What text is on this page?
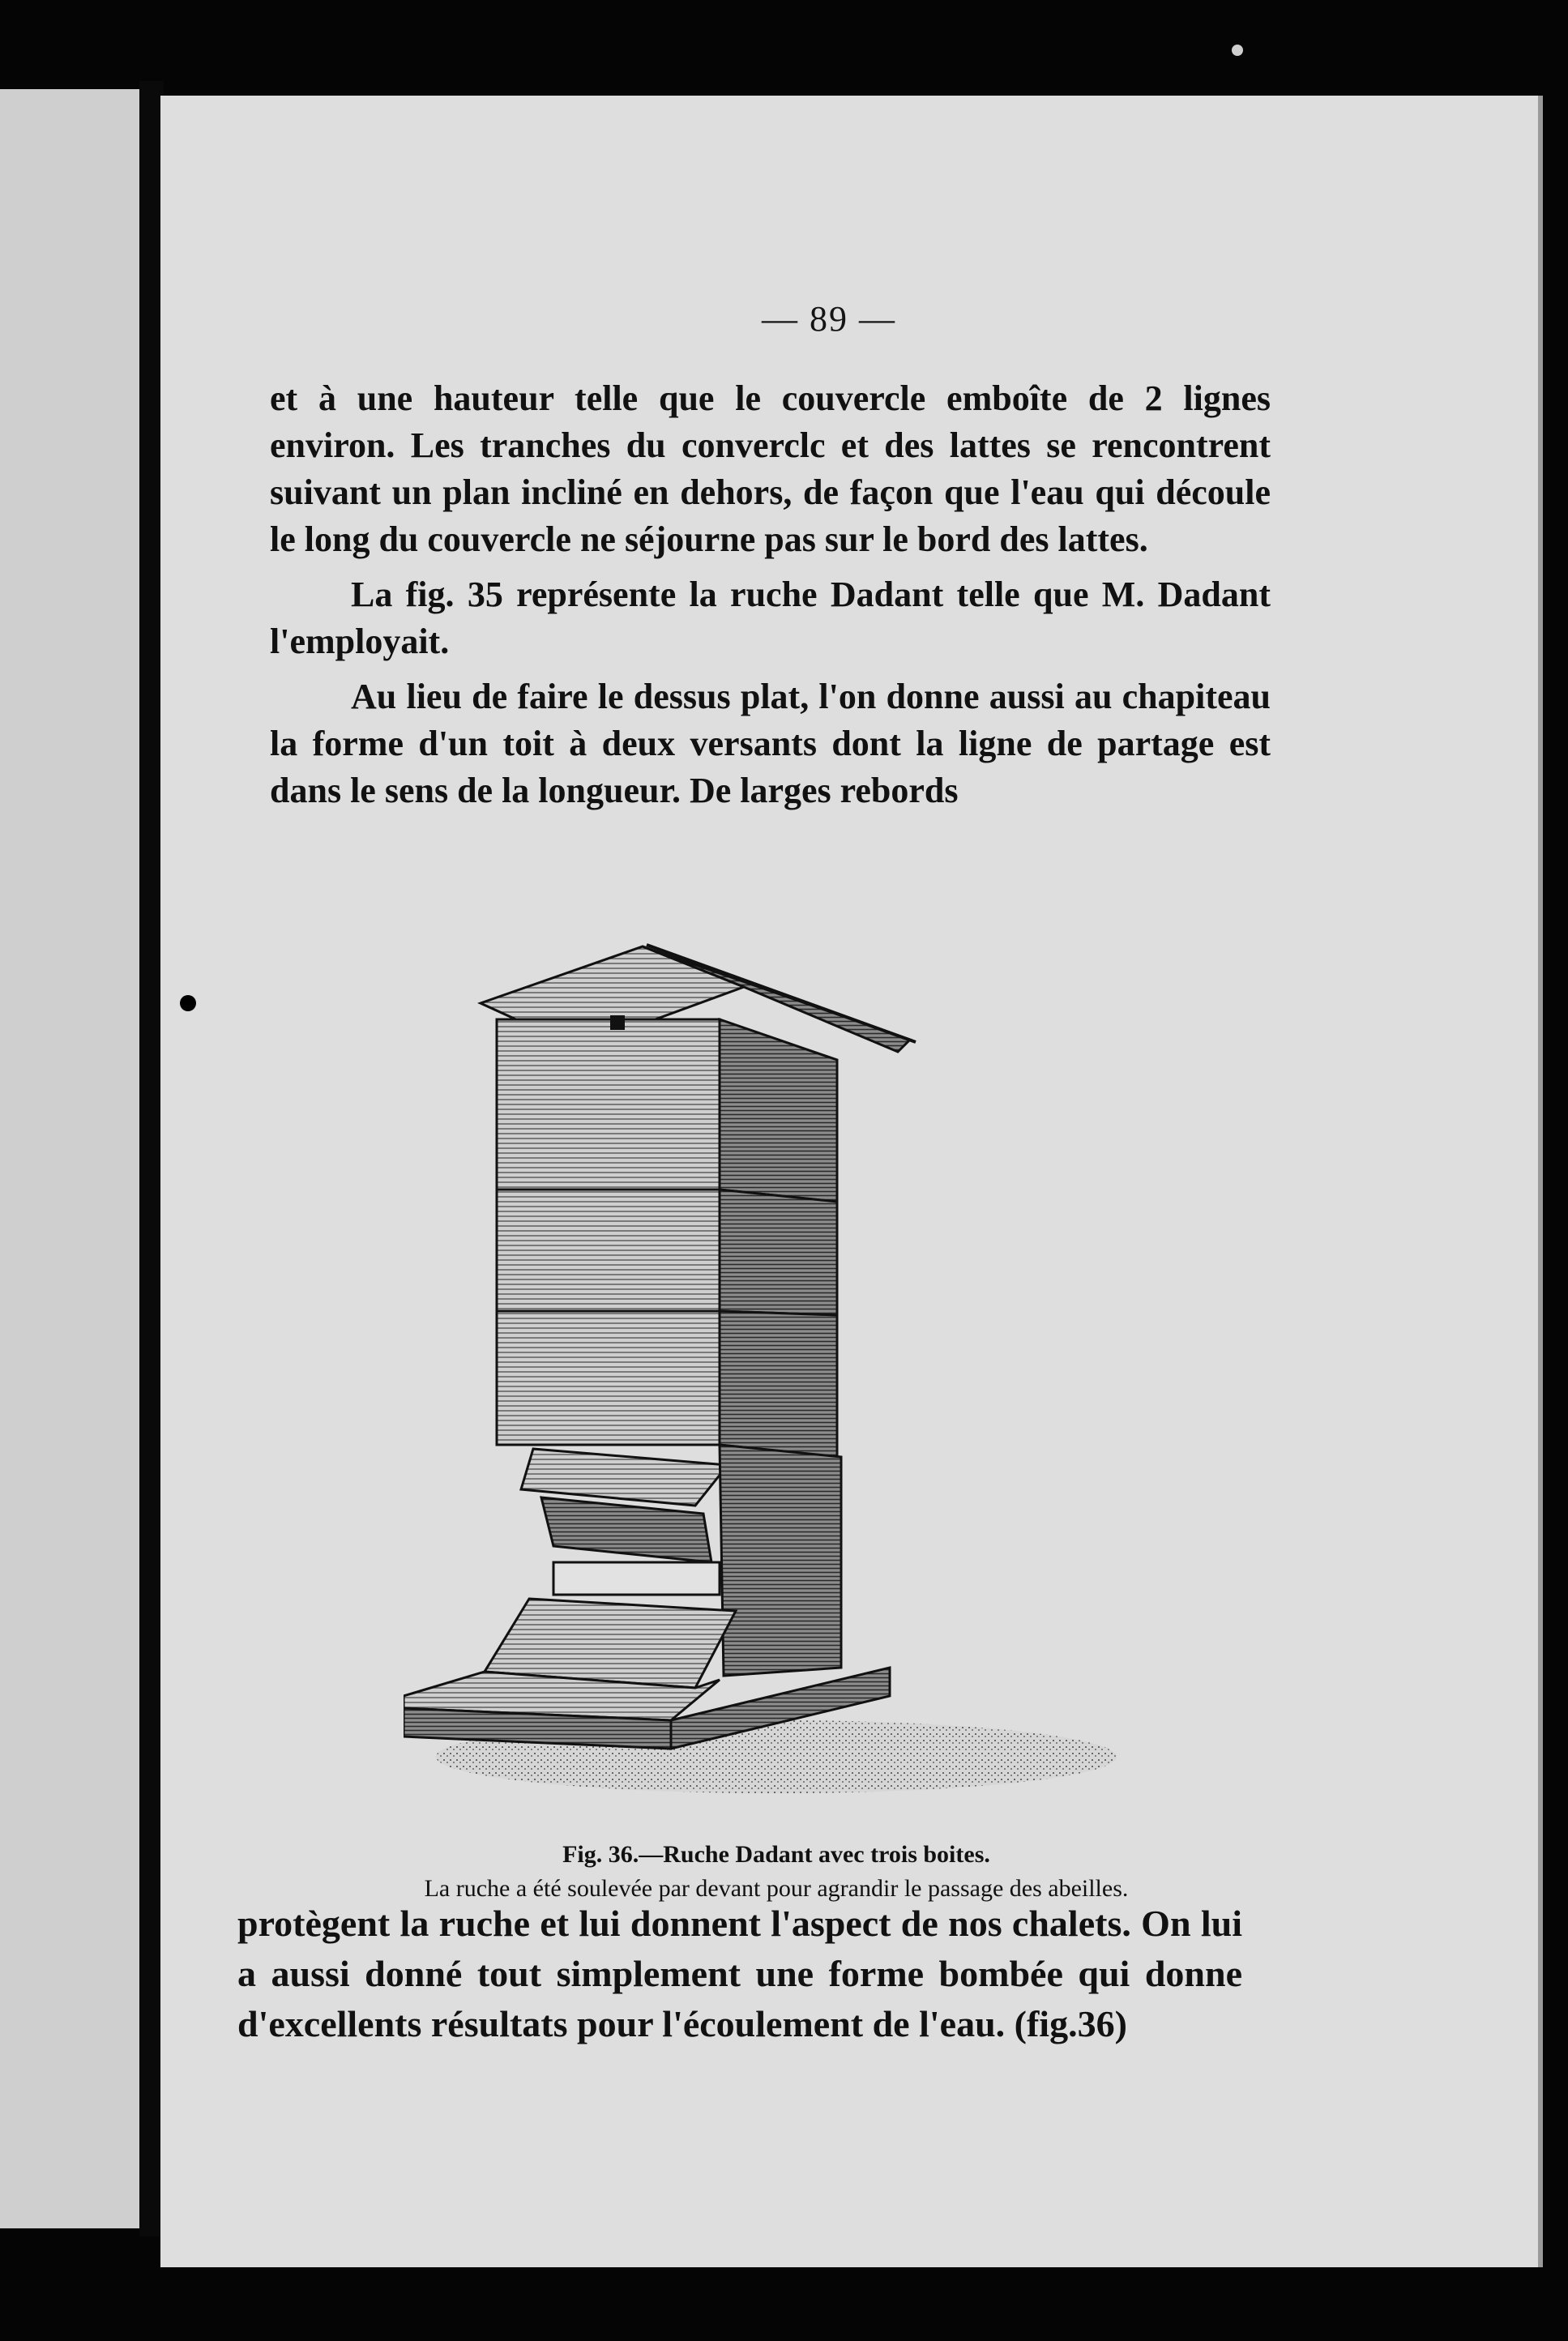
— 89 —

et à une hauteur telle que le couvercle emboîte de 2 lignes environ. Les tranches du converclc et des lattes se rencontrent suivant un plan incliné en dehors, de façon que l'eau qui découle le long du couvercle ne séjourne pas sur le bord des lattes.

La fig. 35 représente la ruche Dadant telle que M. Dadant l'employait.

Au lieu de faire le dessus plat, l'on donne aussi au chapiteau la forme d'un toit à deux versants dont la ligne de partage est dans le sens de la longueur. De larges rebords

Fig. 36.—Ruche Dadant avec trois boites.
La ruche a été soulevée par devant pour agrandir le passage des abeilles.

protègent la ruche et lui donnent l'aspect de nos chalets. On lui a aussi donné tout simplement une forme bombée qui donne d'excellents résultats pour l'écoulement de l'eau. (fig.36)
